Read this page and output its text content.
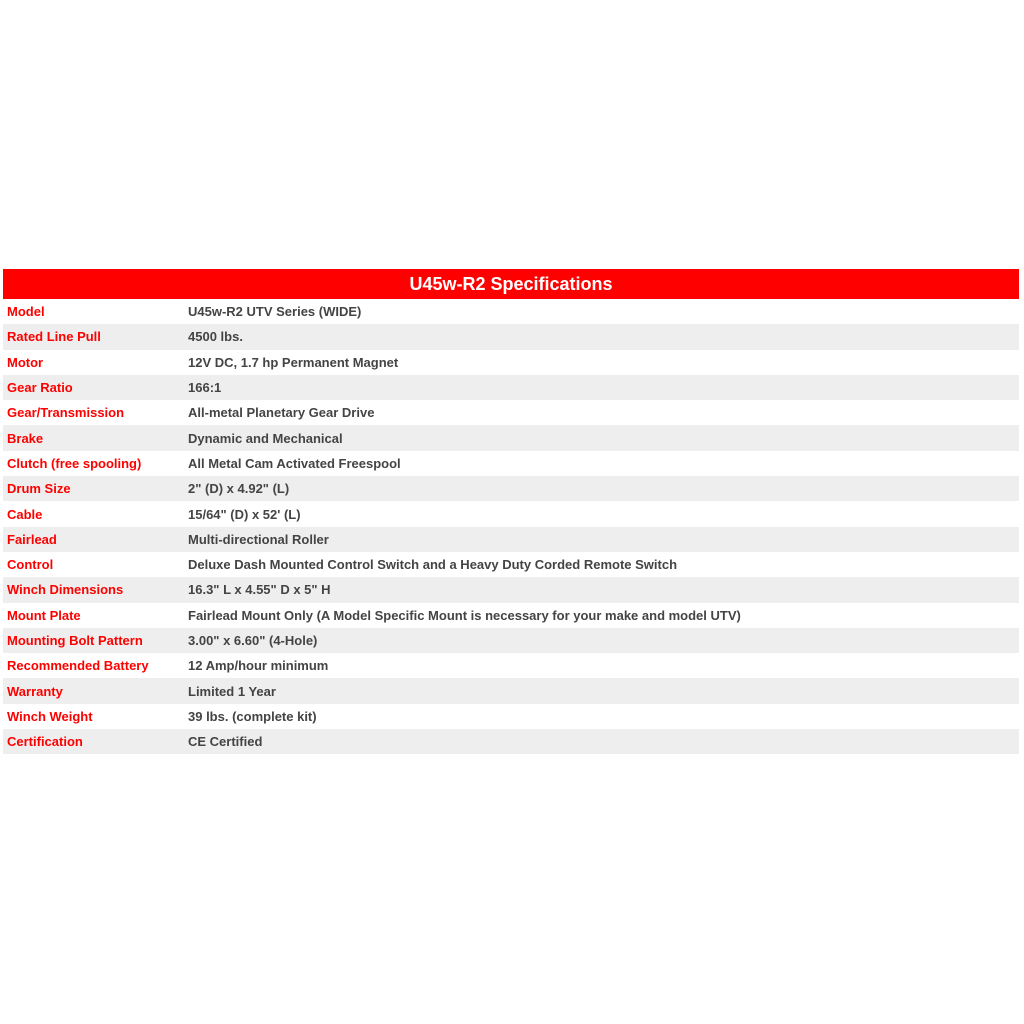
U45w-R2 Specifications	
Model	U45w-R2 UTV Series (WIDE)
Rated Line Pull	4500 lbs.
Motor	12V DC, 1.7 hp Permanent Magnet
Gear Ratio	166:1
Gear/Transmission	All-metal Planetary Gear Drive
Brake	Dynamic and Mechanical
Clutch (free spooling)	All Metal Cam Activated Freespool
Drum Size	2" (D) x 4.92" (L)
Cable	15/64" (D) x 52' (L)
Fairlead	Multi-directional Roller
Control	Deluxe Dash Mounted Control Switch and a Heavy Duty Corded Remote Switch
Winch Dimensions	16.3" L x 4.55" D x 5" H
Mount Plate	Fairlead Mount Only (A Model Specific Mount is necessary for your make and model UTV)
Mounting Bolt Pattern	3.00" x 6.60" (4-Hole)
Recommended Battery	12 Amp/hour minimum
Warranty	Limited 1 Year
Winch Weight	39 lbs. (complete kit)
Certification	CE Certified
